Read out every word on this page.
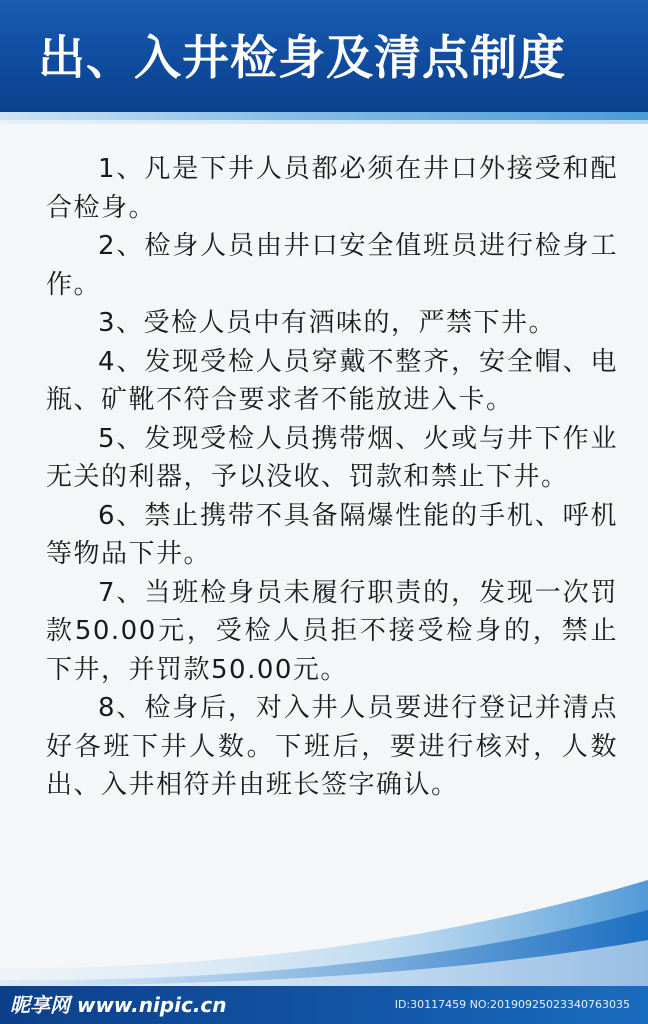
出、入井检身及清点制度

1、凡是下井人员都必须在井口外接受和配合检身。

2、检身人员由井口安全值班员进行检身工作。

3、受检人员中有酒味的，严禁下井。

4、发现受检人员穿戴不整齐，安全帽、电瓶、矿靴不符合要求者不能放进入卡。

5、发现受检人员携带烟、火或与井下作业无关的利器，予以没收、罚款和禁止下井。

6、禁止携带不具备隔爆性能的手机、呼机等物品下井。

7、当班检身员未履行职责的，发现一次罚款50.00元，受检人员拒不接受检身的，禁止下井，并罚款50.00元。

8、检身后，对入井人员要进行登记并清点好各班下井人数。下班后，要进行核对，人数出、入井相符并由班长签字确认。

昵享网 www.nipic.cn	ID:30117459 NO:20190925023340763035
